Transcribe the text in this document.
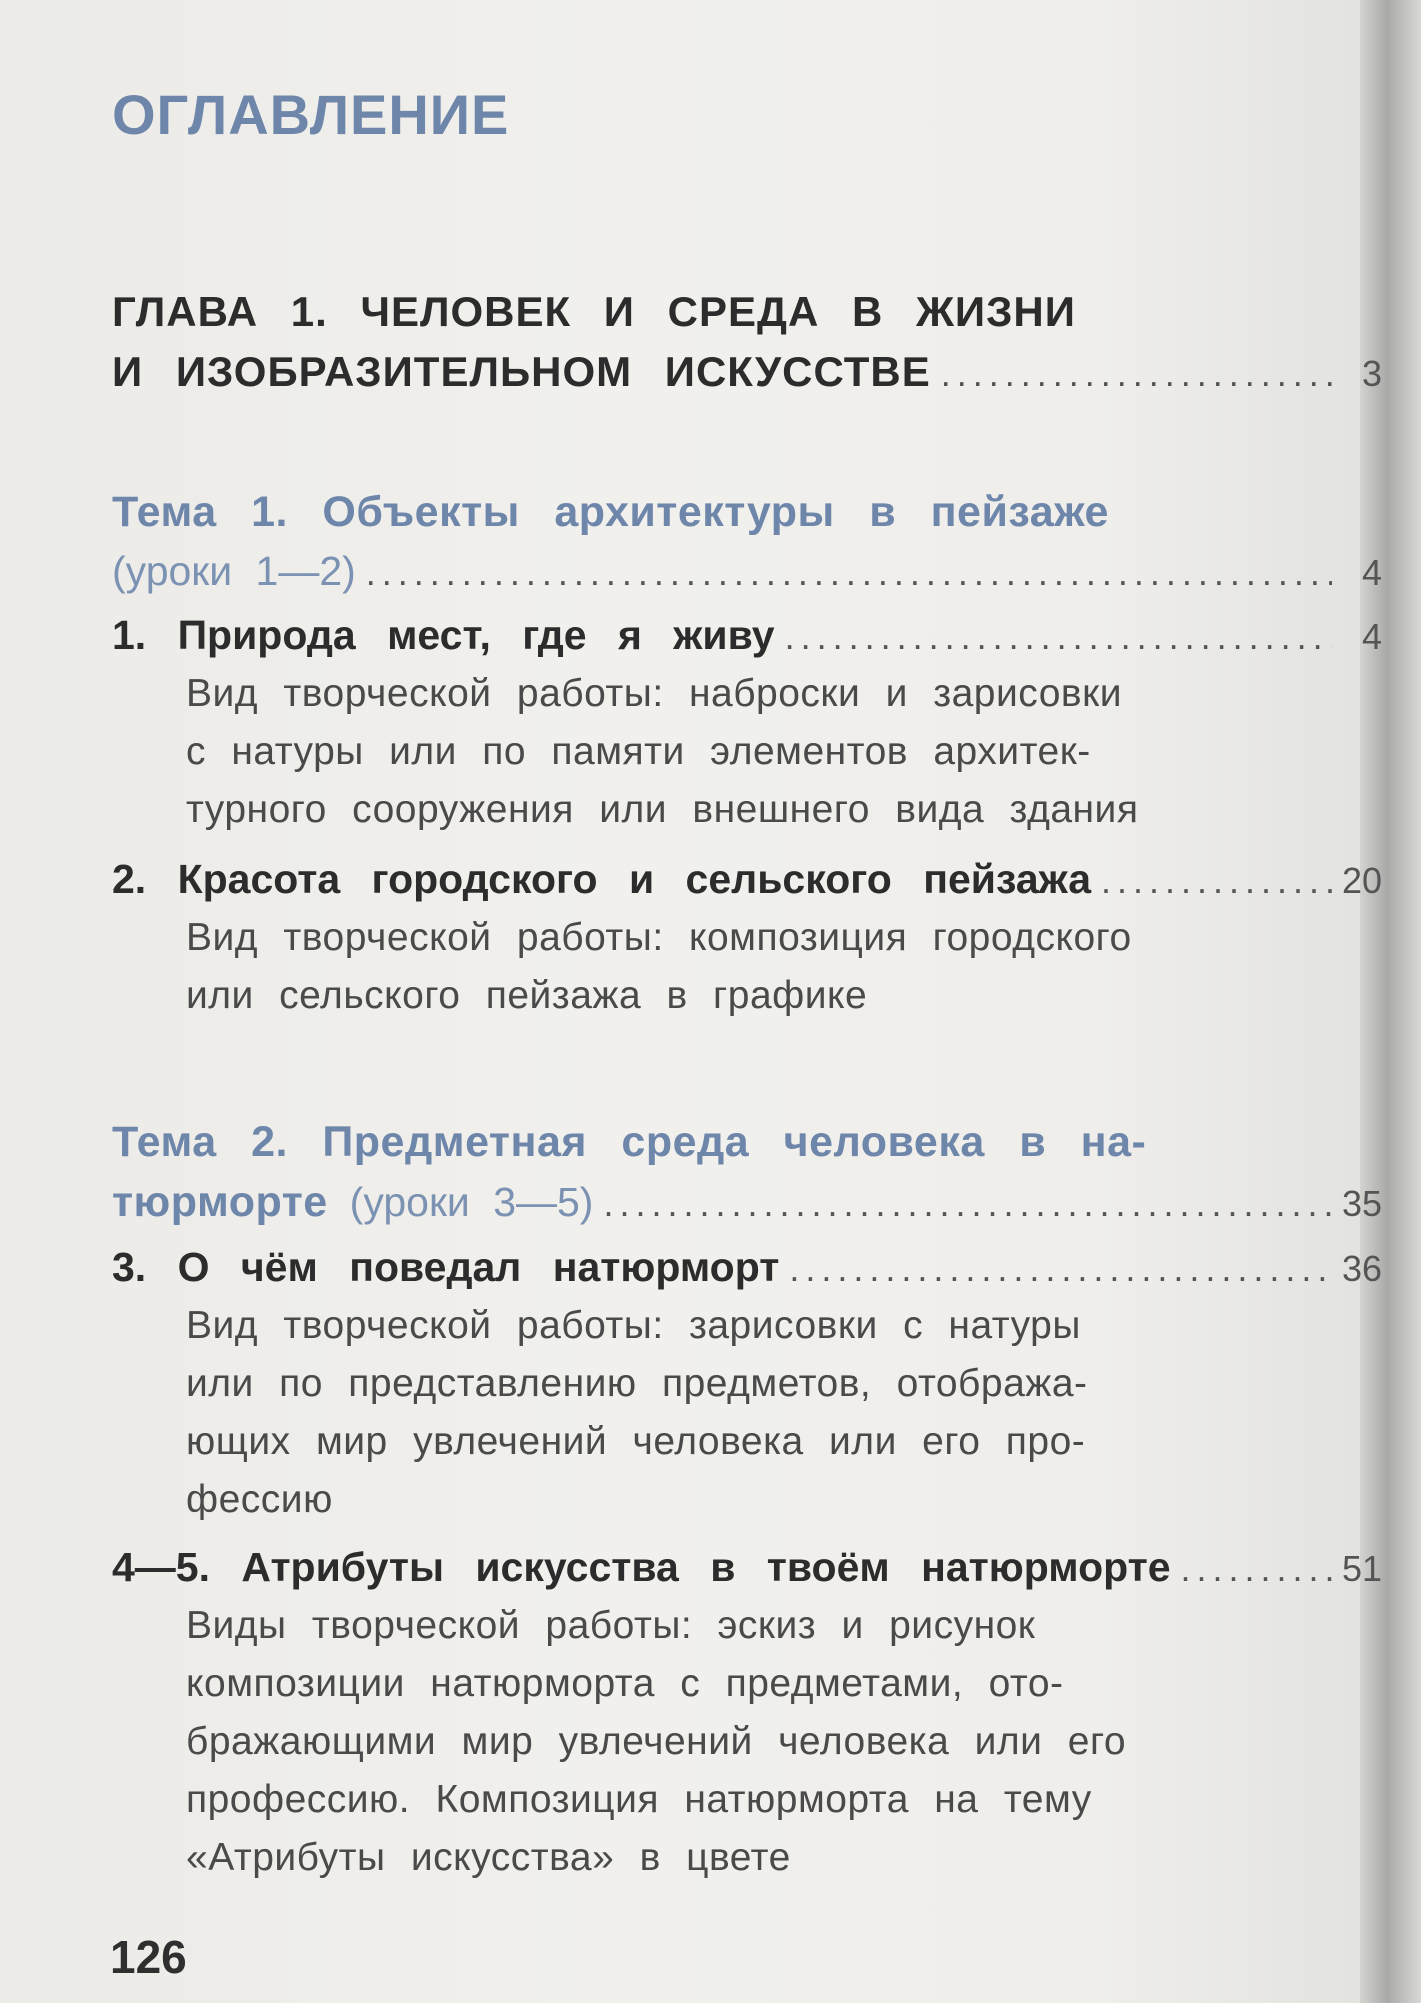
ОГЛАВЛЕНИЕ
ГЛАВА 1. ЧЕЛОВЕК И СРЕДА В ЖИЗНИ
И ИЗОБРАЗИТЕЛЬНОМ ИСКУССТВЕ .....	3
Тема 1. Объекты архитектуры в пейзаже
(уроки 1—2) .....	4
1. Природа мест, где я живу .....	4
Вид творческой работы: наброски и зарисовки
с натуры или по памяти элементов архитек-
турного сооружения или внешнего вида здания
2. Красота городского и сельского пейзажа .....	20
Вид творческой работы: композиция городского
или сельского пейзажа в графике
Тема 2. Предметная среда человека в на-
тюрморте (уроки 3—5) .....	35
3. О чём поведал натюрморт .....	36
Вид творческой работы: зарисовки с натуры
или по представлению предметов, отобража-
ющих мир увлечений человека или его про-
фессию
4—5. Атрибуты искусства в твоём натюрморте .....	51
Виды творческой работы: эскиз и рисунок
композиции натюрморта с предметами, ото-
бражающими мир увлечений человека или его
профессию. Композиция натюрморта на тему
«Атрибуты искусства» в цвете
126
